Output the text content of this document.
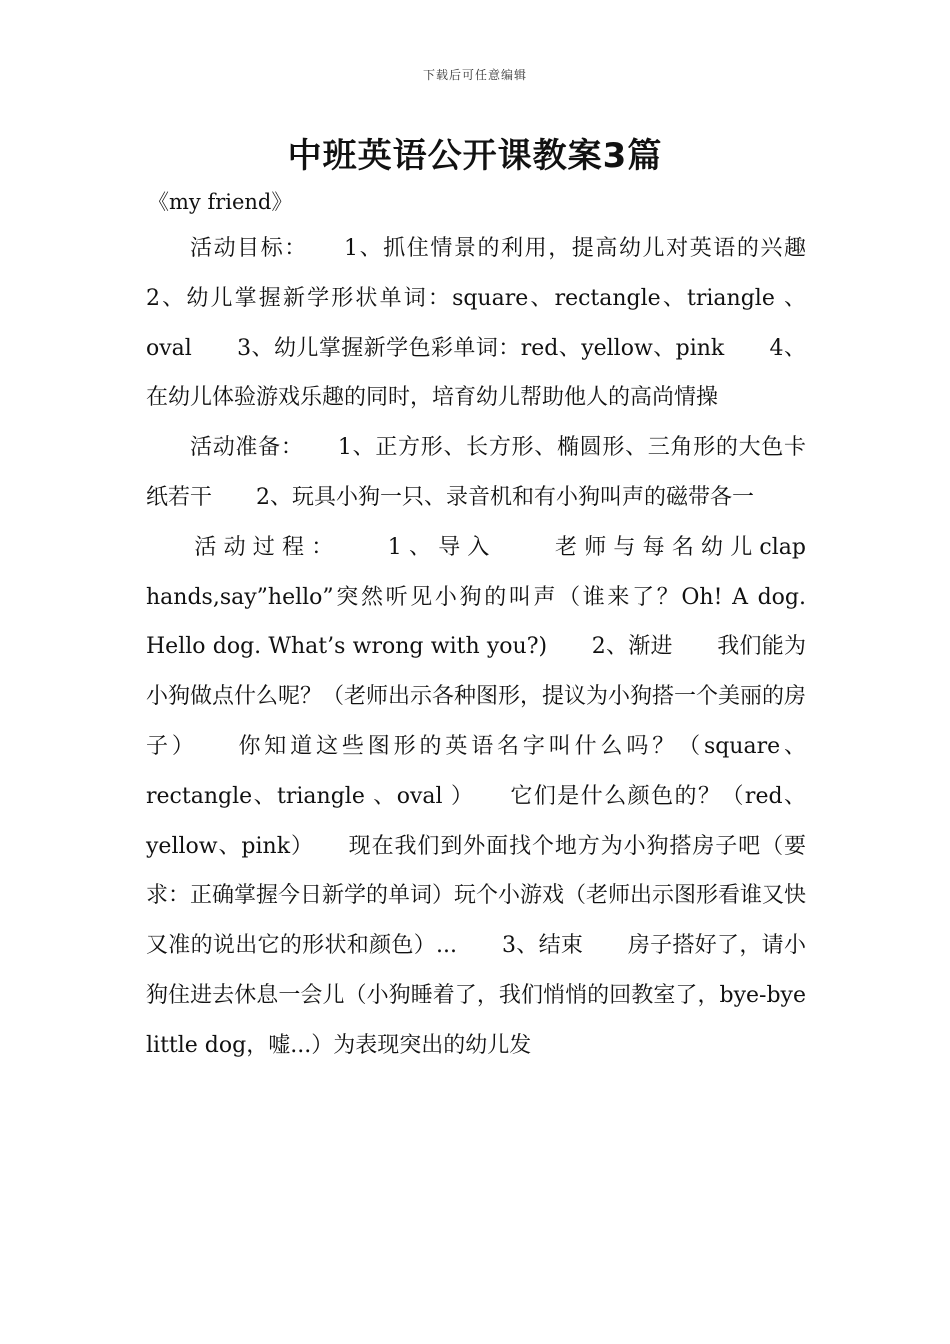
下载后可任意编辑
中班英语公开课教案3篇
《my friend》

活动目标：　　1、抓住情景的利用，提高幼儿对英语的兴趣　　2、幼儿掌握新学形状单词：square、rectangle、triangle 、oval　　3、幼儿掌握新学色彩单词：red、yellow、pink　　4、在幼儿体验游戏乐趣的同时，培育幼儿帮助他人的高尚情操

活动准备：　　1、正方形、长方形、椭圆形、三角形的大色卡纸若干　　2、玩具小狗一只、录音机和有小狗叫声的磁带各一

活动过程：　　1、导入　　老师与每名幼儿clap hands,say”hello”突然听见小狗的叫声（谁来了？Oh! A dog. Hello dog. What’s wrong with you?)　　2、渐进　　我们能为小狗做点什么呢？（老师出示各种图形，提议为小狗搭一个美丽的房子）　　你知道这些图形的英语名字叫什么吗？（square、rectangle、triangle 、oval ）　　它们是什么颜色的？（red、yellow、pink）　　现在我们到外面找个地方为小狗搭房子吧（要求：正确掌握今日新学的单词）玩个小游戏（老师出示图形看谁又快又准的说出它的形状和颜色）...　　3、结束　　房子搭好了，请小狗住进去休息一会儿（小狗睡着了，我们悄悄的回教室了，bye-bye little dog，嘘...）为表现突出的幼儿发
